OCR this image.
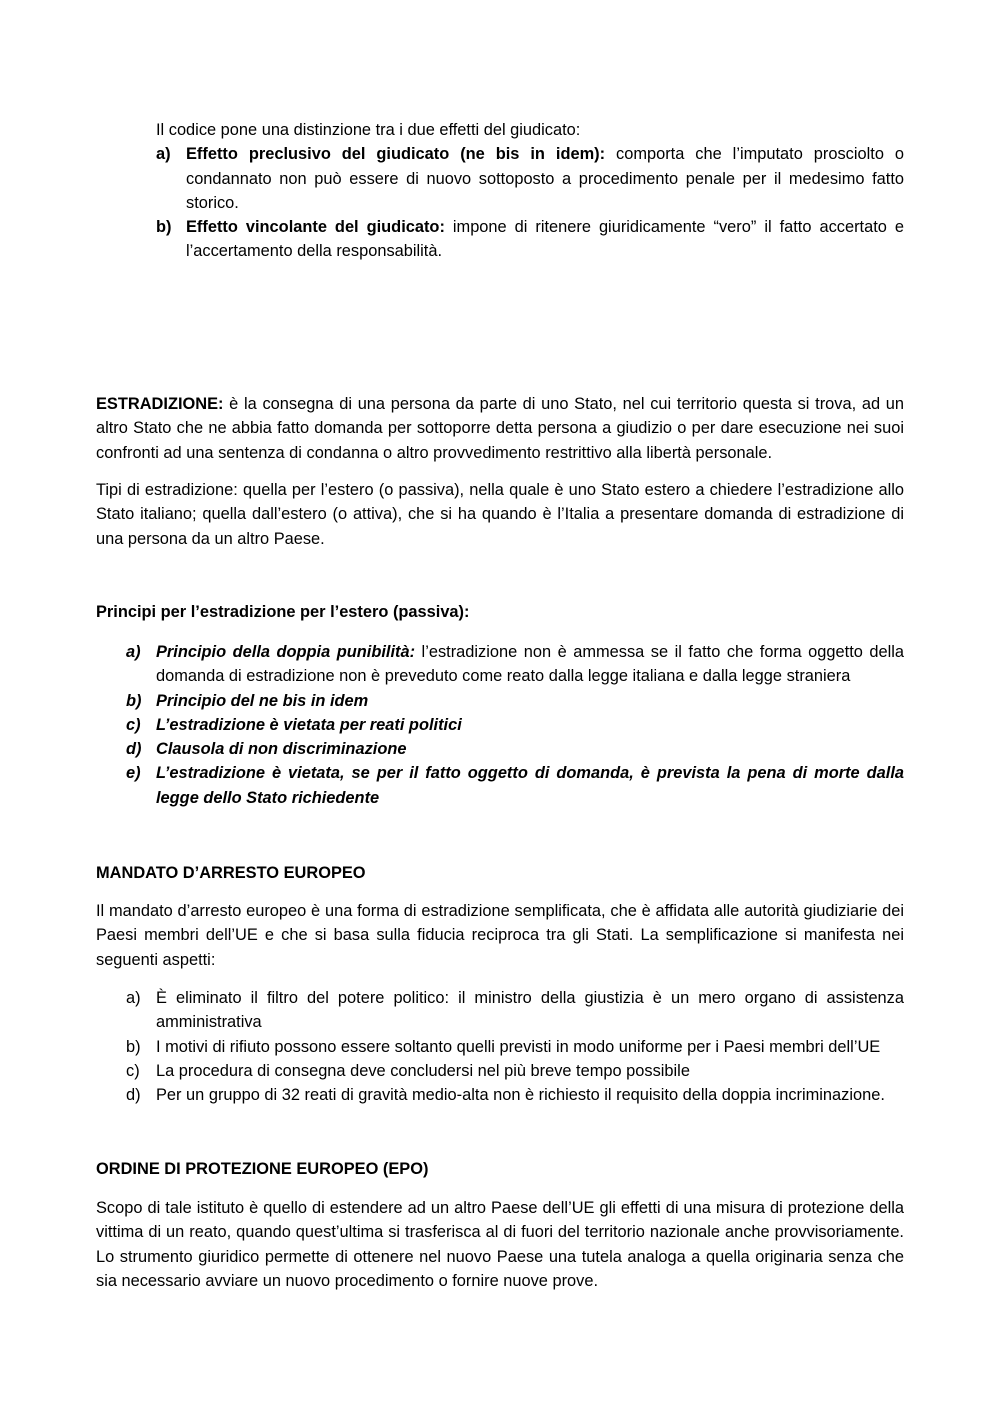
Il codice pone una distinzione tra i due effetti del giudicato:

a) Effetto preclusivo del giudicato (ne bis in idem): comporta che l’imputato prosciolto o condannato non può essere di nuovo sottoposto a procedimento penale per il medesimo fatto storico.
b) Effetto vincolante del giudicato: impone di ritenere giuridicamente “vero” il fatto accertato e l’accertamento della responsabilità.

ESTRADIZIONE: è la consegna di una persona da parte di uno Stato, nel cui territorio questa si trova, ad un altro Stato che ne abbia fatto domanda per sottoporre detta persona a giudizio o per dare esecuzione nei suoi confronti ad una sentenza di condanna o altro provvedimento restrittivo alla libertà personale.

Tipi di estradizione: quella per l’estero (o passiva), nella quale è uno Stato estero a chiedere l’estradizione allo Stato italiano; quella dall’estero (o attiva), che si ha quando è l’Italia a presentare domanda di estradizione di una persona da un altro Paese.

Principi per l’estradizione per l’estero (passiva):

a) Principio della doppia punibilità: l’estradizione non è ammessa se il fatto che forma oggetto della domanda di estradizione non è preveduto come reato dalla legge italiana e dalla legge straniera
b) Principio del ne bis in idem
c) L’estradizione è vietata per reati politici
d) Clausola di non discriminazione
e) L’estradizione è vietata, se per il fatto oggetto di domanda, è prevista la pena di morte dalla legge dello Stato richiedente

MANDATO D’ARRESTO EUROPEO

Il mandato d’arresto europeo è una forma di estradizione semplificata, che è affidata alle autorità giudiziarie dei Paesi membri dell’UE e che si basa sulla fiducia reciproca tra gli Stati. La semplificazione si manifesta nei seguenti aspetti:

a) È eliminato il filtro del potere politico: il ministro della giustizia è un mero organo di assistenza amministrativa
b) I motivi di rifiuto possono essere soltanto quelli previsti in modo uniforme per i Paesi membri dell’UE
c) La procedura di consegna deve concludersi nel più breve tempo possibile
d) Per un gruppo di 32 reati di gravità medio-alta non è richiesto il requisito della doppia incriminazione.

ORDINE DI PROTEZIONE EUROPEO (EPO)

Scopo di tale istituto è quello di estendere ad un altro Paese dell’UE gli effetti di una misura di protezione della vittima di un reato, quando quest’ultima si trasferisca al di fuori del territorio nazionale anche provvisoriamente. Lo strumento giuridico permette di ottenere nel nuovo Paese una tutela analoga a quella originaria senza che sia necessario avviare un nuovo procedimento o fornire nuove prove.
